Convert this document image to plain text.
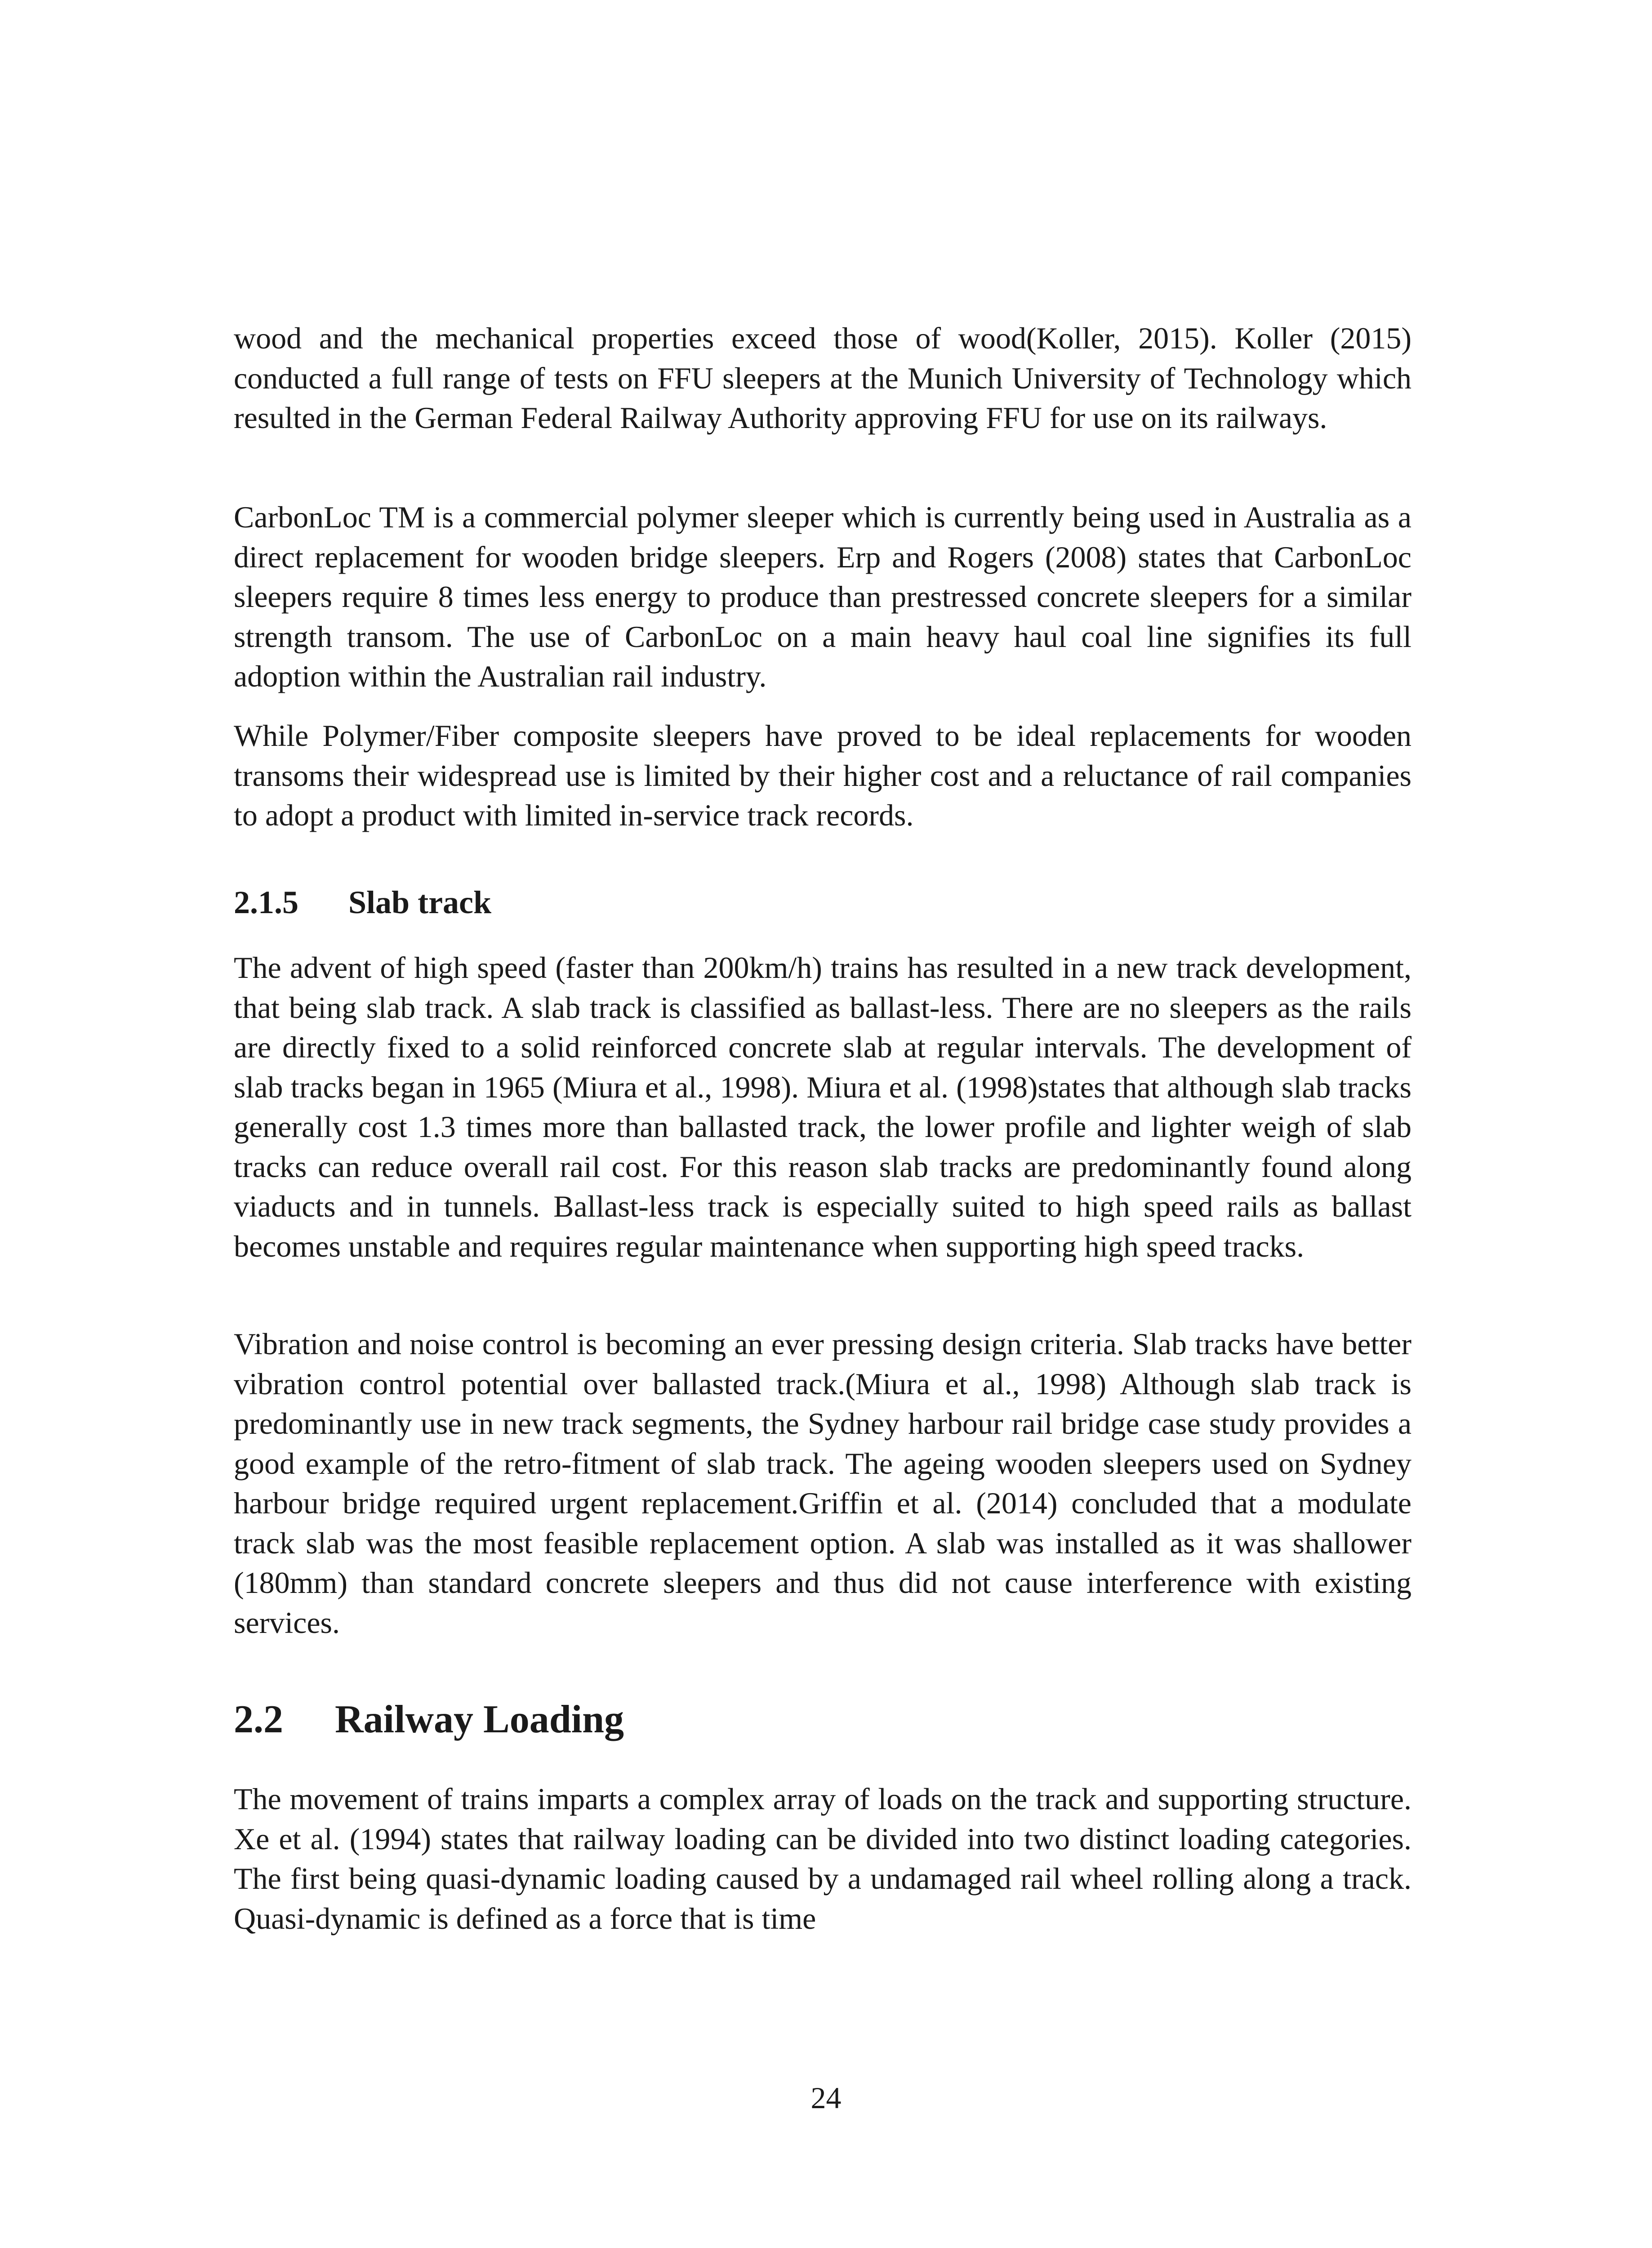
wood and the mechanical properties exceed those of wood(Koller, 2015). Koller (2015) conducted a full range of tests on FFU sleepers at the Munich University of Technology which resulted in the German Federal Railway Authority approving FFU for use on its railways.

CarbonLoc TM is a commercial polymer sleeper which is currently being used in Australia as a direct replacement for wooden bridge sleepers. Erp and Rogers (2008) states that CarbonLoc sleepers require 8 times less energy to produce than prestressed concrete sleepers for a similar strength transom. The use of CarbonLoc on a main heavy haul coal line signifies its full adoption within the Australian rail industry.

While Polymer/Fiber composite sleepers have proved to be ideal replacements for wooden transoms their widespread use is limited by their higher cost and a reluctance of rail companies to adopt a product with limited in-service track records.

2.1.5 Slab track

The advent of high speed (faster than 200km/h) trains has resulted in a new track development, that being slab track. A slab track is classified as ballast-less. There are no sleepers as the rails are directly fixed to a solid reinforced concrete slab at regular intervals. The development of slab tracks began in 1965 (Miura et al., 1998). Miura et al. (1998)states that although slab tracks generally cost 1.3 times more than ballasted track, the lower profile and lighter weigh of slab tracks can reduce overall rail cost. For this reason slab tracks are predominantly found along viaducts and in tunnels. Ballast-less track is especially suited to high speed rails as ballast becomes unstable and requires regular maintenance when supporting high speed tracks.

Vibration and noise control is becoming an ever pressing design criteria. Slab tracks have better vibration control potential over ballasted track.(Miura et al., 1998) Although slab track is predominantly use in new track segments, the Sydney harbour rail bridge case study provides a good example of the retro-fitment of slab track. The ageing wooden sleepers used on Sydney harbour bridge required urgent replacement.Griffin et al. (2014) concluded that a modulate track slab was the most feasible replacement option. A slab was installed as it was shallower (180mm) than standard concrete sleepers and thus did not cause interference with existing services.

2.2 Railway Loading

The movement of trains imparts a complex array of loads on the track and supporting structure. Xe et al. (1994) states that railway loading can be divided into two distinct loading categories. The first being quasi-dynamic loading caused by a undamaged rail wheel rolling along a track. Quasi-dynamic is defined as a force that is time

24
